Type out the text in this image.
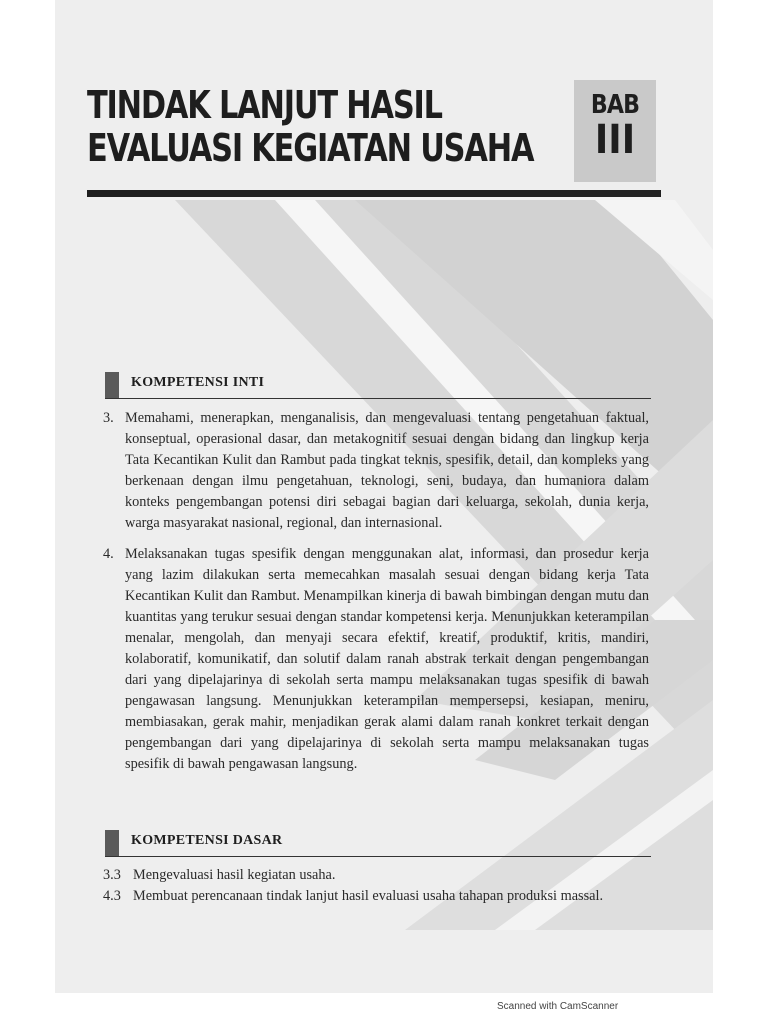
TINDAK LANJUT HASIL
EVALUASI KEGIATAN USAHA
BAB
III
KOMPETENSI INTI
3. Memahami, menerapkan, menganalisis, dan mengevaluasi tentang pengetahuan faktual, konseptual, operasional dasar, dan metakognitif sesuai dengan bidang dan lingkup kerja Tata Kecantikan Kulit dan Rambut pada tingkat teknis, spesifik, detail, dan kompleks yang berkenaan dengan ilmu pengetahuan, teknologi, seni, budaya, dan humaniora dalam konteks pengembangan potensi diri sebagai bagian dari keluarga, sekolah, dunia kerja, warga masyarakat nasional, regional, dan internasional.
4. Melaksanakan tugas spesifik dengan menggunakan alat, informasi, dan prosedur kerja yang lazim dilakukan serta memecahkan masalah sesuai dengan bidang kerja Tata Kecantikan Kulit dan Rambut. Menampilkan kinerja di bawah bimbingan dengan mutu dan kuantitas yang terukur sesuai dengan standar kompetensi kerja. Menunjukkan keterampilan menalar, mengolah, dan menyaji secara efektif, kreatif, produktif, kritis, mandiri, kolaboratif, komunikatif, dan solutif dalam ranah abstrak terkait dengan pengembangan dari yang dipelajarinya di sekolah serta mampu melaksanakan tugas spesifik di bawah pengawasan langsung. Menunjukkan keterampilan mempersepsi, kesiapan, meniru, membiasakan, gerak mahir, menjadikan gerak alami dalam ranah konkret terkait dengan pengembangan dari yang dipelajarinya di sekolah serta mampu melaksanakan tugas spesifik di bawah pengawasan langsung.
KOMPETENSI DASAR
3.3 Mengevaluasi hasil kegiatan usaha.
4.3 Membuat perencanaan tindak lanjut hasil evaluasi usaha tahapan produksi massal.
Scanned with CamScanner
